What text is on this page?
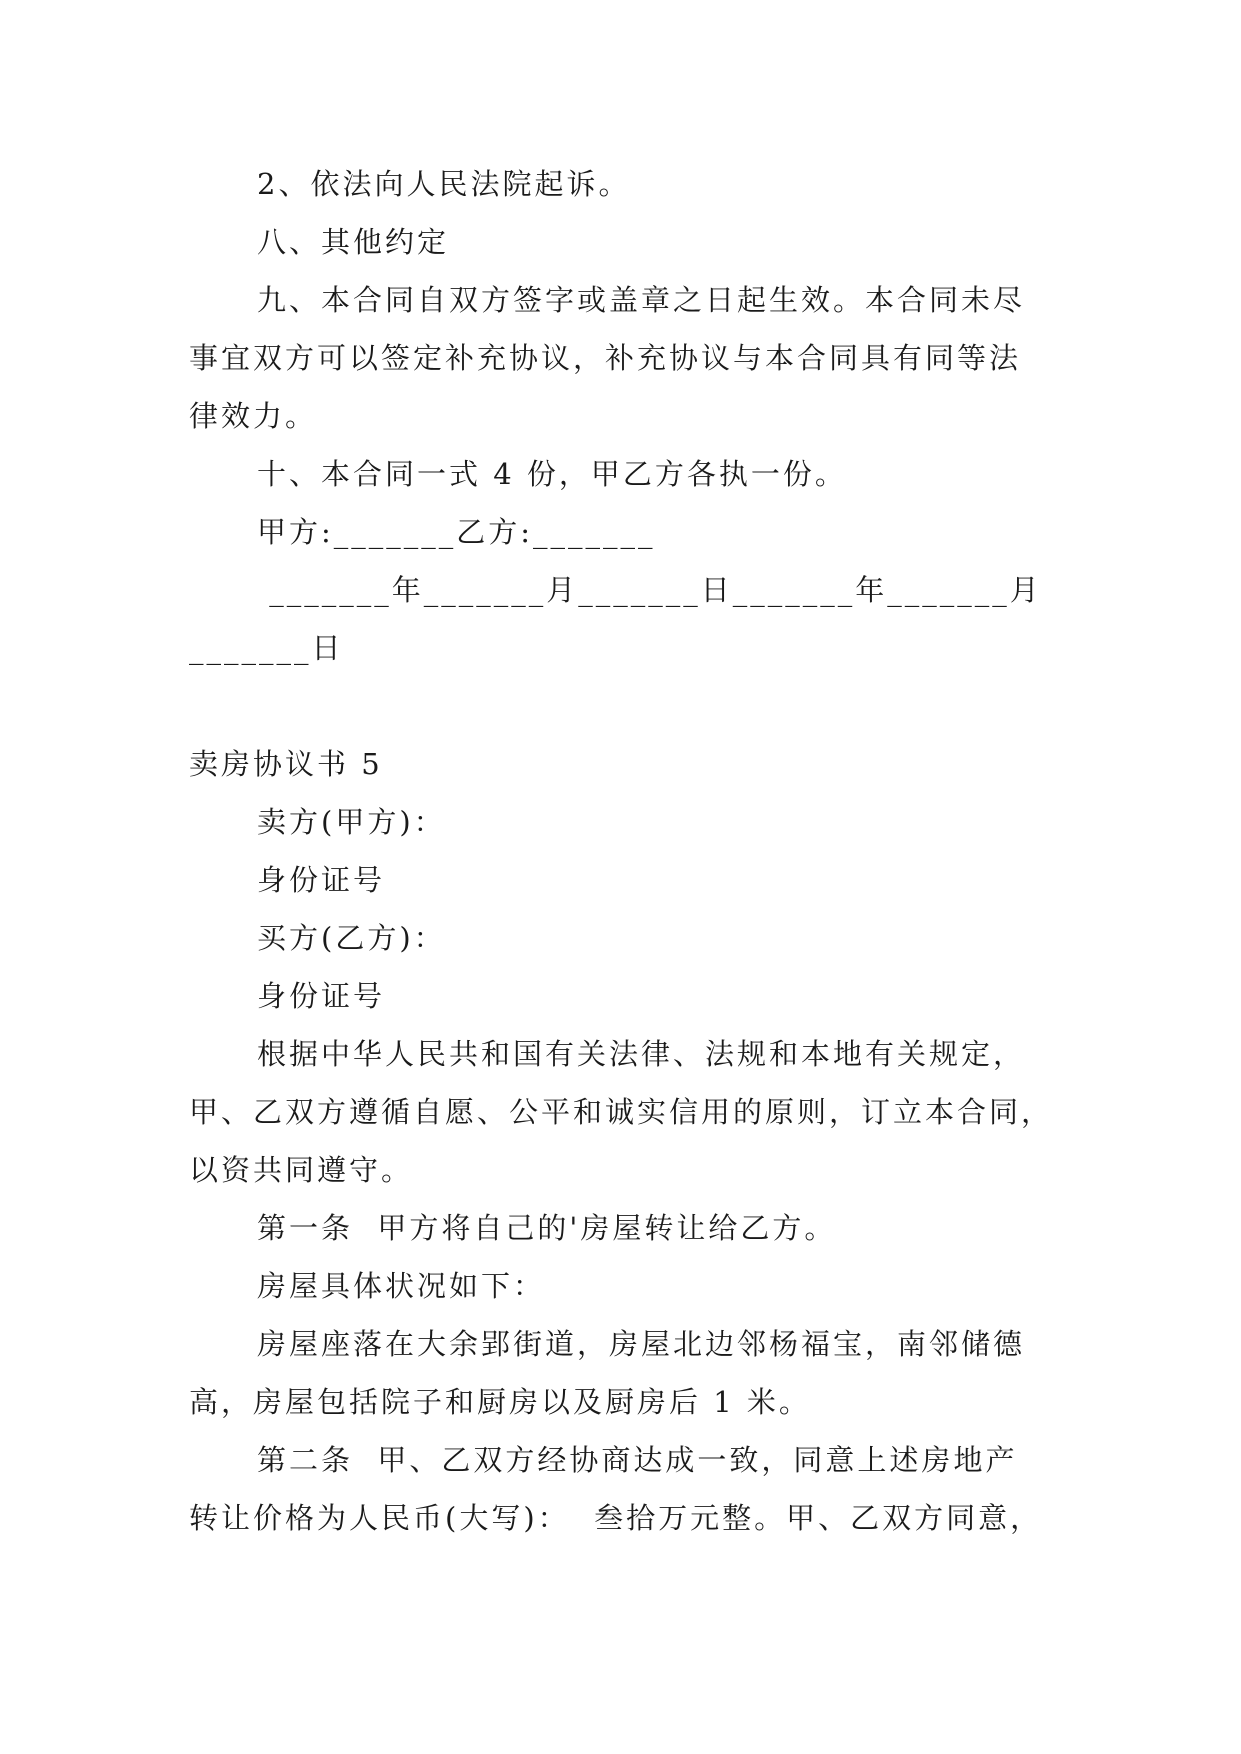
2、依法向人民法院起诉。
八、其他约定
九、本合同自双方签字或盖章之日起生效。本合同未尽
事宜双方可以签定补充协议，补充协议与本合同具有同等法
律效力。
十、本合同一式 4 份，甲乙方各执一份。
甲方:_______乙方:_______
_______年_______月_______日_______年_______月
_______日
卖房协议书 5
卖方(甲方)：
身份证号
买方(乙方)：
身份证号
根据中华人民共和国有关法律、法规和本地有关规定，
甲、乙双方遵循自愿、公平和诚实信用的原则，订立本合同，
以资共同遵守。
第一条  甲方将自己的'房屋转让给乙方。
房屋具体状况如下：
房屋座落在大余郢街道，房屋北边邻杨福宝，南邻储德
高，房屋包括院子和厨房以及厨房后 1 米。
第二条  甲、乙双方经协商达成一致，同意上述房地产
转让价格为人民币(大写)：  叁拾万元整。甲、乙双方同意，
